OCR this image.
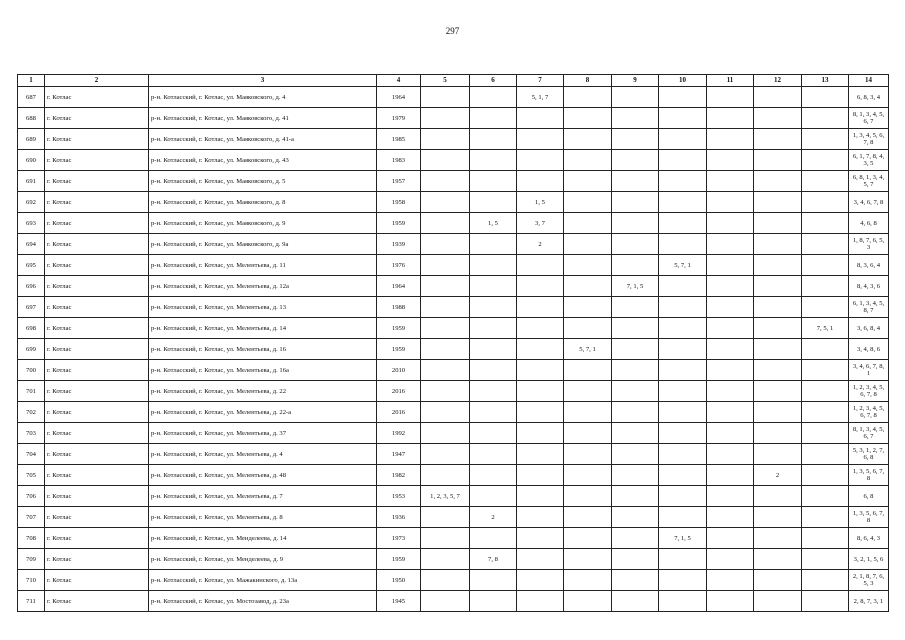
297
1	2	3	4	5	6	7	8	9	10	11	12	13	14
687	г. Котлас	р-н. Котласский, г. Котлас, ул. Маяковского, д. 4	1964			5, 1, 7							6, 8, 3, 4
688	г. Котлас	р-н. Котласский, г. Котлас, ул. Маяковского, д. 41	1979										8, 1, 3, 4, 5, 6, 7
689	г. Котлас	р-н. Котласский, г. Котлас, ул. Маяковского, д. 41-а	1985										1, 3, 4, 5, 6, 7, 8
690	г. Котлас	р-н. Котласский, г. Котлас, ул. Маяковского, д. 43	1983										6, 1, 7, 8, 4, 3, 5
691	г. Котлас	р-н. Котласский, г. Котлас, ул. Маяковского, д. 5	1957										6, 8, 1, 3, 4, 5, 7
692	г. Котлас	р-н. Котласский, г. Котлас, ул. Маяковского, д. 8	1958			1, 5							3, 4, 6, 7, 8
693	г. Котлас	р-н. Котласский, г. Котлас, ул. Маяковского, д. 9	1959		1, 5	3, 7							4, 6, 8
694	г. Котлас	р-н. Котласский, г. Котлас, ул. Маяковского, д. 9а	1939			2							1, 8, 7, 6, 5, 3
695	г. Котлас	р-н. Котласский, г. Котлас, ул. Мелентьева, д. 11	1976						5, 7, 1				8, 3, 6, 4
696	г. Котлас	р-н. Котласский, г. Котлас, ул. Мелентьева, д. 12а	1964					7, 1, 5					8, 4, 3, 6
697	г. Котлас	р-н. Котласский, г. Котлас, ул. Мелентьева, д. 13	1988										6, 1, 3, 4, 5, 8, 7
698	г. Котлас	р-н. Котласский, г. Котлас, ул. Мелентьева, д. 14	1959									7, 5, 1	3, 6, 8, 4
699	г. Котлас	р-н. Котласский, г. Котлас, ул. Мелентьева, д. 16	1959				5, 7, 1						3, 4, 8, 6
700	г. Котлас	р-н. Котласский, г. Котлас, ул. Мелентьева, д. 16а	2010										3, 4, 6, 7, 8, 1
701	г. Котлас	р-н. Котласский, г. Котлас, ул. Мелентьева, д. 22	2016										1, 2, 3, 4, 5, 6, 7, 8
702	г. Котлас	р-н. Котласский, г. Котлас, ул. Мелентьева, д. 22-а	2016										1, 2, 3, 4, 5, 6, 7, 8
703	г. Котлас	р-н. Котласский, г. Котлас, ул. Мелентьева, д. 37	1992										8, 1, 3, 4, 5, 6, 7
704	г. Котлас	р-н. Котласский, г. Котлас, ул. Мелентьева, д. 4	1947										5, 3, 1, 2, 7, 6, 8
705	г. Котлас	р-н. Котласский, г. Котлас, ул. Мелентьева, д. 48	1982								2		1, 3, 5, 6, 7, 8
706	г. Котлас	р-н. Котласский, г. Котлас, ул. Мелентьева, д. 7	1953	1, 2, 3, 5, 7									6, 8
707	г. Котлас	р-н. Котласский, г. Котлас, ул. Мелентьева, д. 8	1936		2								1, 3, 5, 6, 7, 8
708	г. Котлас	р-н. Котласский, г. Котлас, ул. Менделеева, д. 14	1973						7, 1, 5				8, 6, 4, 3
709	г. Котлас	р-н. Котласский, г. Котлас, ул. Менделеева, д. 9	1959		7, 8								3, 2, 1, 5, 6
710	г. Котлас	р-н. Котласский, г. Котлас, ул. Мажакинского, д. 13а	1950										2, 1, 8, 7, 6, 5, 3
711	г. Котлас	р-н. Котласский, г. Котлас, ул. Мостозавод, д. 23а	1945										2, 8, 7, 3, 1
